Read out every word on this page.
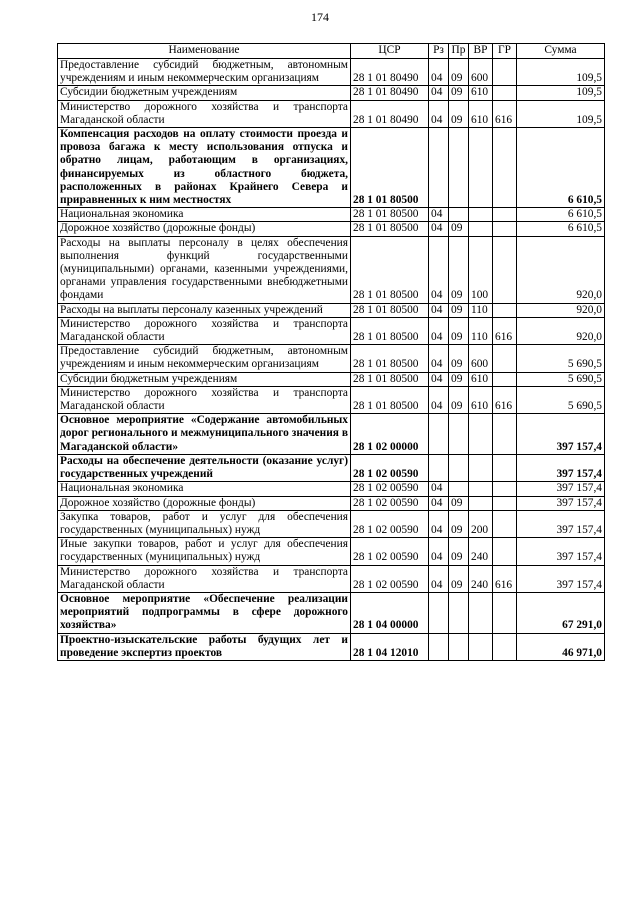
174
Наименование	ЦСР	Рз	Пр	ВР	ГР	Сумма
Предоставление субсидий бюджетным, автономным учреждениям и иным некоммерческим организациям	28 1 01 80490	04	09	600		109,5
Субсидии бюджетным учреждениям	28 1 01 80490	04	09	610		109,5
Министерство дорожного хозяйства и транспорта Магаданской области	28 1 01 80490	04	09	610	616	109,5
Компенсация расходов на оплату стоимости проезда и провоза багажа к месту использования отпуска и обратно лицам, работающим в организациях, финансируемых из областного бюджета, расположенных в районах Крайнего Севера и приравненных к ним местностях	28 1 01 80500					6 610,5
Национальная экономика	28 1 01 80500	04				6 610,5
Дорожное хозяйство (дорожные фонды)	28 1 01 80500	04	09			6 610,5
Расходы на выплаты персоналу в целях обеспечения выполнения функций государственными (муниципальными) органами, казенными учреждениями, органами управления государственными внебюджетными фондами	28 1 01 80500	04	09	100		920,0
Расходы на выплаты персоналу казенных учреждений	28 1 01 80500	04	09	110		920,0
Министерство дорожного хозяйства и транспорта Магаданской области	28 1 01 80500	04	09	110	616	920,0
Предоставление субсидий бюджетным, автономным учреждениям и иным некоммерческим организациям	28 1 01 80500	04	09	600		5 690,5
Субсидии бюджетным учреждениям	28 1 01 80500	04	09	610		5 690,5
Министерство дорожного хозяйства и транспорта Магаданской области	28 1 01 80500	04	09	610	616	5 690,5
Основное мероприятие «Содержание автомобильных дорог регионального и межмуниципального значения в Магаданской области»	28 1 02 00000					397 157,4
Расходы на обеспечение деятельности (оказание услуг) государственных учреждений	28 1 02 00590					397 157,4
Национальная экономика	28 1 02 00590	04				397 157,4
Дорожное хозяйство (дорожные фонды)	28 1 02 00590	04	09			397 157,4
Закупка товаров, работ и услуг для обеспечения государственных (муниципальных) нужд	28 1 02 00590	04	09	200		397 157,4
Иные закупки товаров, работ и услуг для обеспечения государственных (муниципальных) нужд	28 1 02 00590	04	09	240		397 157,4
Министерство дорожного хозяйства и транспорта Магаданской области	28 1 02 00590	04	09	240	616	397 157,4
Основное мероприятие «Обеспечение реализации мероприятий подпрограммы в сфере дорожного хозяйства»	28 1 04 00000					67 291,0
Проектно-изыскательские работы будущих лет и проведение экспертиз проектов	28 1 04 12010					46 971,0
